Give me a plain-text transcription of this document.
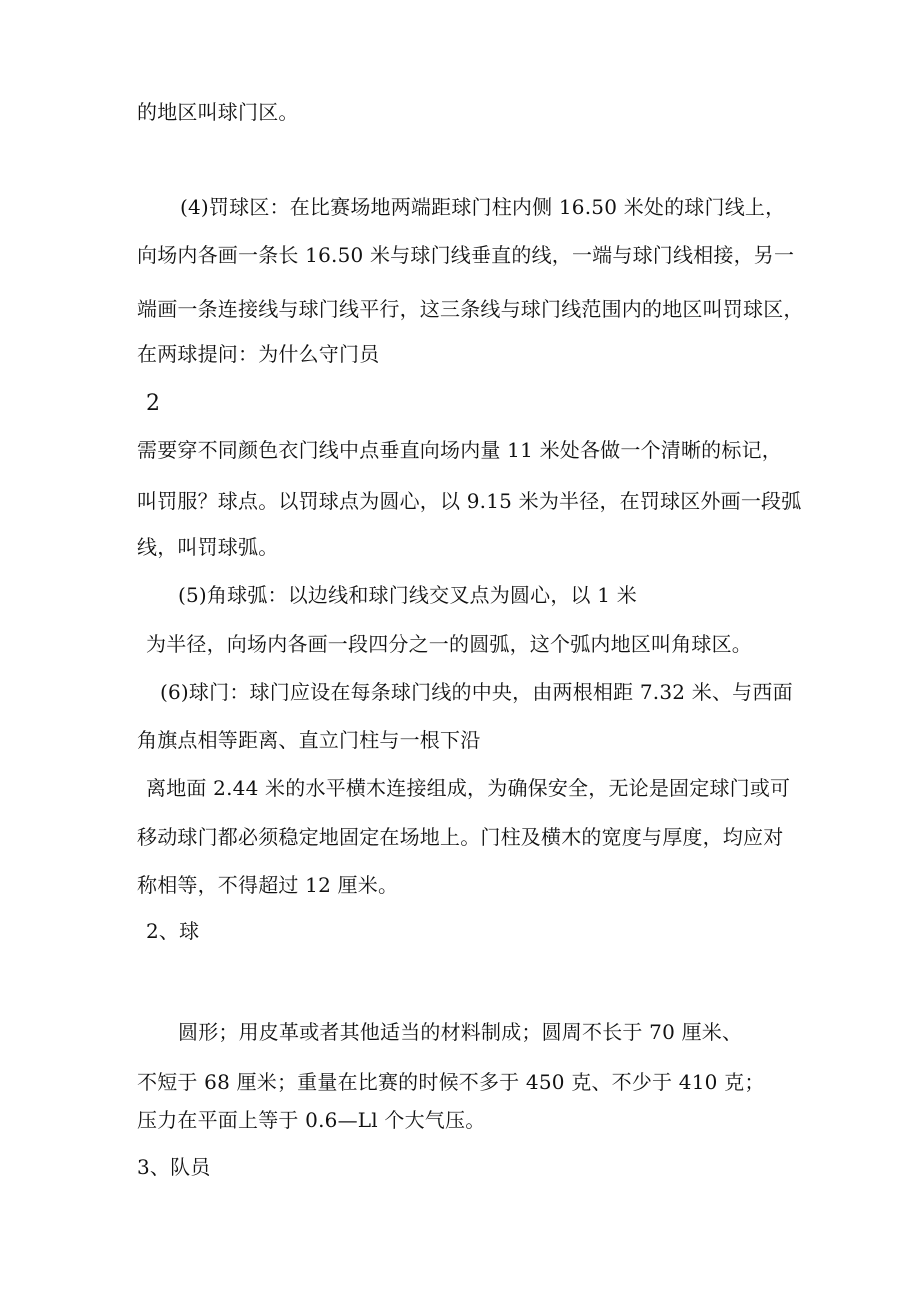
的地区叫球门区。
(4)罚球区：在比赛场地两端距球门柱内侧 16.50 米处的球门线上，
向场内各画一条长 16.50 米与球门线垂直的线，一端与球门线相接，另一
端画一条连接线与球门线平行，这三条线与球门线范围内的地区叫罚球区，
在两球提问：为什么守门员
2
需要穿不同颜色衣门线中点垂直向场内量 11 米处各做一个清晰的标记，
叫罚服？球点。以罚球点为圆心，以 9.15 米为半径，在罚球区外画一段弧
线，叫罚球弧。
(5)角球弧：以边线和球门线交叉点为圆心，以 1 米
为半径，向场内各画一段四分之一的圆弧，这个弧内地区叫角球区。
(6)球门：球门应设在每条球门线的中央，由两根相距 7.32 米、与西面
角旗点相等距离、直立门柱与一根下沿
离地面 2.44 米的水平横木连接组成，为确保安全，无论是固定球门或可
移动球门都必须稳定地固定在场地上。门柱及横木的宽度与厚度，均应对
称相等，不得超过 12 厘米。
2、球
圆形；用皮革或者其他适当的材料制成；圆周不长于 70 厘米、
不短于 68 厘米；重量在比赛的时候不多于 450 克、不少于 410 克；
压力在平面上等于 0.6—Ll 个大气压。
3、队员
